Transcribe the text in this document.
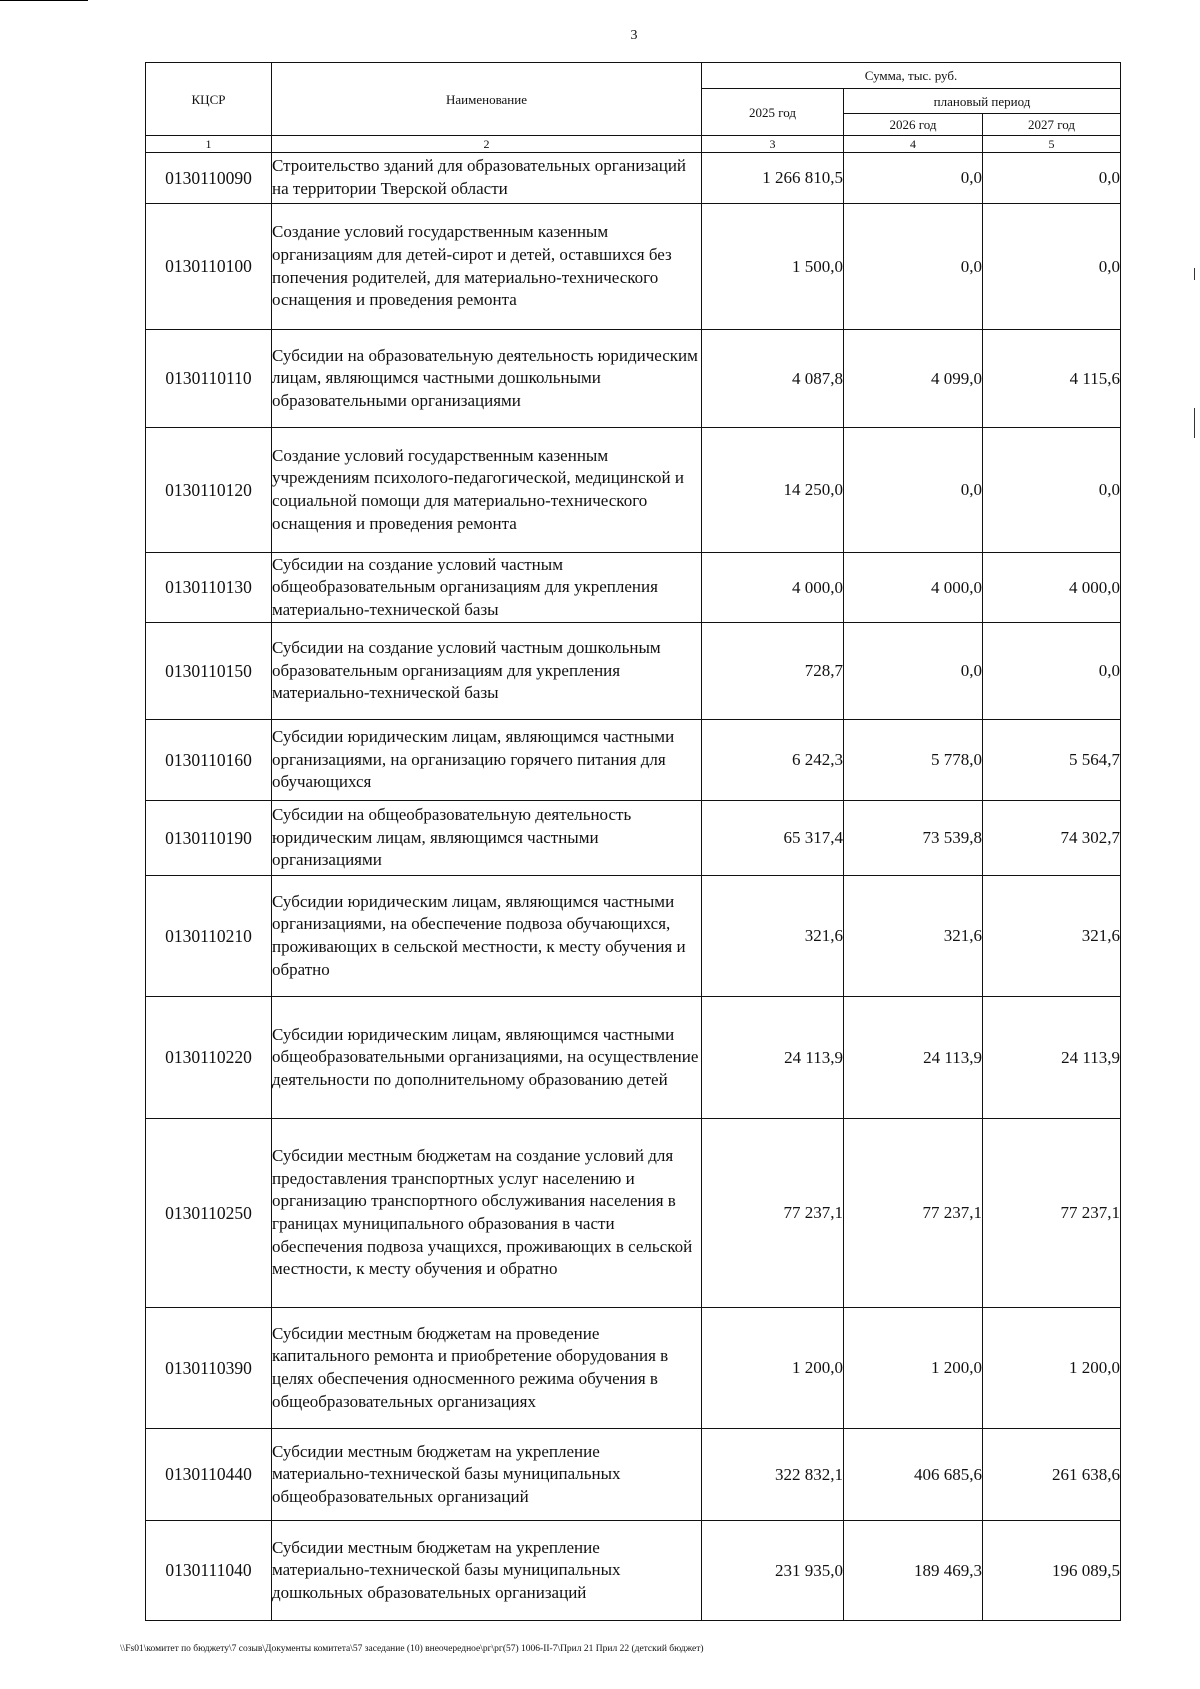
3
КЦСР	Наименование	Сумма, тыс. руб.		
		2025 год	плановый период	
			2026 год	2027 год
1	2	3	4	5
0130110090	Строительство зданий для образовательных организаций на территории Тверской области	1 266 810,5	0,0	0,0
0130110100	Создание условий государственным казенным организациям для детей-сирот и детей, оставшихся без попечения родителей, для материально-технического оснащения и проведения ремонта	1 500,0	0,0	0,0
0130110110	Субсидии на образовательную деятельность юридическим лицам, являющимся частными дошкольными образовательными организациями	4 087,8	4 099,0	4 115,6
0130110120	Создание условий государственным казенным учреждениям психолого-педагогической, медицинской и социальной помощи для материально-технического оснащения и проведения ремонта	14 250,0	0,0	0,0
0130110130	Субсидии на создание условий частным общеобразовательным организациям для укрепления материально-технической базы	4 000,0	4 000,0	4 000,0
0130110150	Субсидии на создание условий частным дошкольным образовательным организациям для укрепления материально-технической базы	728,7	0,0	0,0
0130110160	Субсидии юридическим лицам, являющимся частными организациями, на организацию горячего питания для обучающихся	6 242,3	5 778,0	5 564,7
0130110190	Субсидии на общеобразовательную деятельность юридическим лицам, являющимся частными организациями	65 317,4	73 539,8	74 302,7
0130110210	Субсидии юридическим лицам, являющимся частными организациями, на обеспечение подвоза обучающихся, проживающих в сельской местности, к месту обучения и обратно	321,6	321,6	321,6
0130110220	Субсидии юридическим лицам, являющимся частными общеобразовательными организациями, на осуществление деятельности по дополнительному образованию детей	24 113,9	24 113,9	24 113,9
0130110250	Субсидии местным бюджетам на создание условий для предоставления транспортных услуг населению и организацию транспортного обслуживания населения в границах муниципального образования в части обеспечения подвоза учащихся, проживающих в сельской местности, к месту обучения и обратно	77 237,1	77 237,1	77 237,1
0130110390	Субсидии местным бюджетам на проведение капитального ремонта и приобретение оборудования в целях обеспечения односменного режима обучения в общеобразовательных организациях	1 200,0	1 200,0	1 200,0
0130110440	Субсидии местным бюджетам на укрепление материально-технической базы муниципальных общеобразовательных организаций	322 832,1	406 685,6	261 638,6
0130111040	Субсидии местным бюджетам на укрепление материально-технической базы муниципальных дошкольных образовательных организаций	231 935,0	189 469,3	196 089,5
\\Fs01\комитет по бюджету\7 созыв\Документы комитета\57 заседание (10) внеочередное\рг\рг(57) 1006-II-7\Прил 21 Прил 22 (детский бюджет)
